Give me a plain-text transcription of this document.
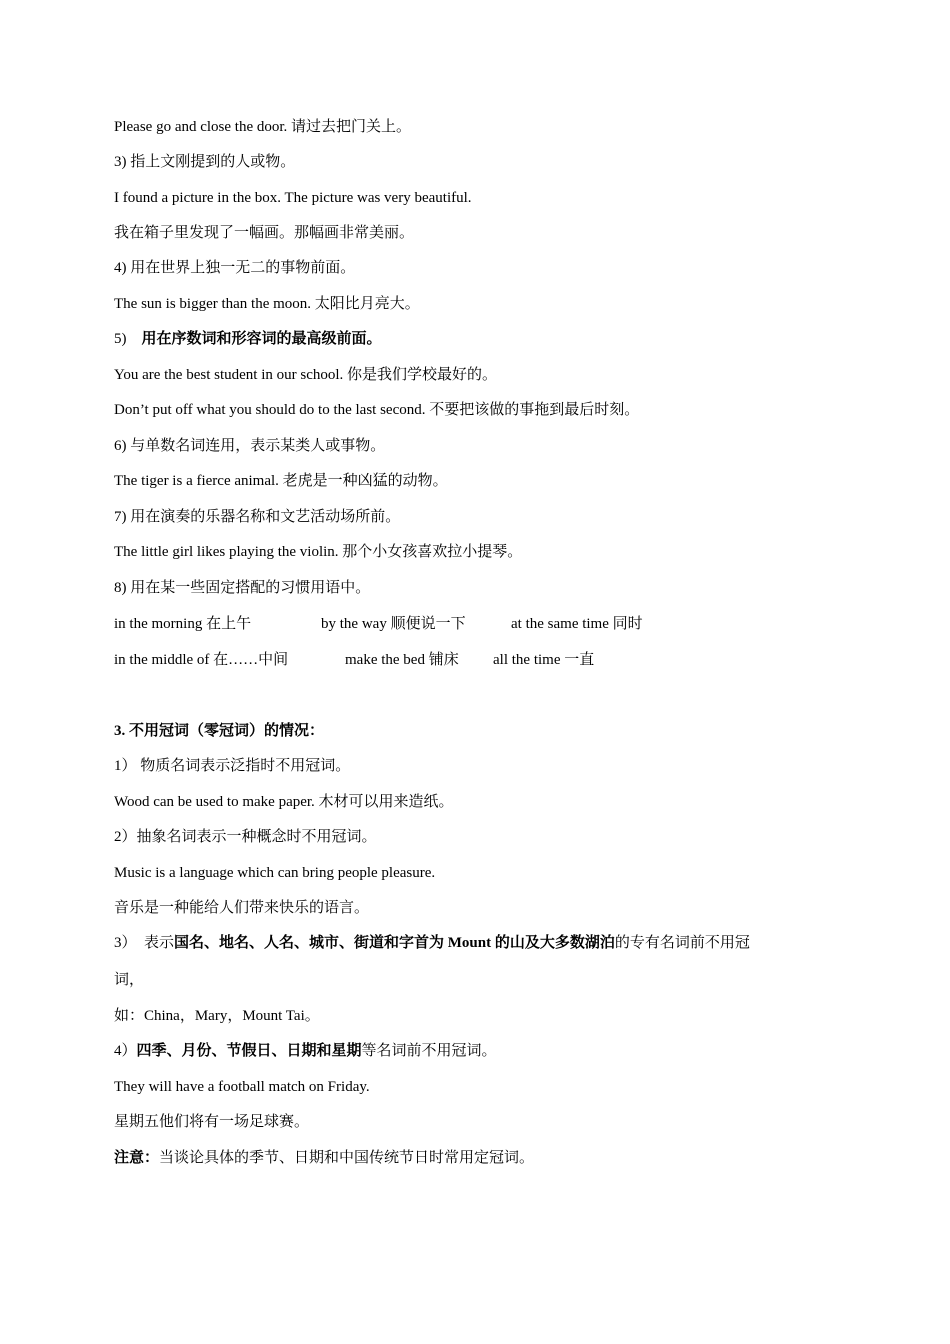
Please go and close the door. 请过去把门关上。
3) 指上文刚提到的人或物。
I found a picture in the box. The picture was very beautiful.
我在箱子里发现了一幅画。那幅画非常美丽。
4) 用在世界上独一无二的事物前面。
The sun is bigger than the moon. 太阳比月亮大。
5)    用在序数词和形容词的最高级前面。
You are the best student in our school. 你是我们学校最好的。
Don’t put off what you should do to the last second. 不要把该做的事拖到最后时刻。
6) 与单数名词连用，表示某类人或事物。
The tiger is a fierce animal. 老虎是一种凶猛的动物。
7) 用在演奏的乐器名称和文艺活动场所前。
The little girl likes playing the violin. 那个小女孩喜欢拉小提琴。
8) 用在某一些固定搭配的习惯用语中。
in the morning 在上午	by the way 顺便说一下	at the same time 同时
in the middle of 在……中间	make the bed 铺床 all the time 一直
3. 不用冠词（零冠词）的情况：
1） 物质名词表示泛指时不用冠词。
Wood can be used to make paper. 木材可以用来造纸。
2）抽象名词表示一种概念时不用冠词。
Music is a language which can bring people pleasure.
音乐是一种能给人们带来快乐的语言。
3）  表示国名、地名、人名、城市、街道和字首为 Mount 的山及大多数湖泊的专有名词前不用冠
词，
如：China，Mary，Mount Tai。
4）四季、月份、节假日、日期和星期等名词前不用冠词。
They will have a football match on Friday.
星期五他们将有一场足球赛。
注意：当谈论具体的季节、日期和中国传统节日时常用定冠词。
